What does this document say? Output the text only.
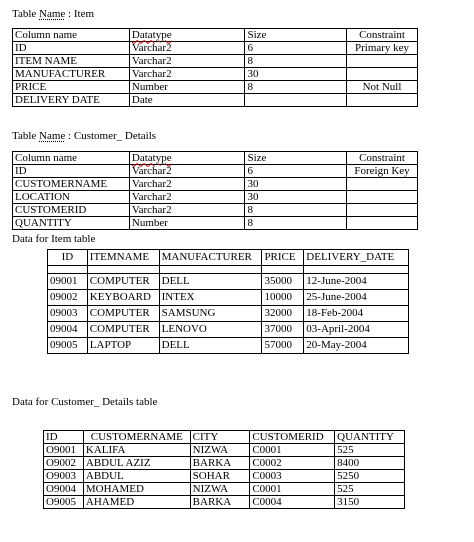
Table Name : Item
Column name	Datatype	Size	Constraint
ID	Varchar2	6	Primary key
ITEM NAME	Varchar2	8	
MANUFACTURER	Varchar2	30	
PRICE	Number	8	Not Null
DELIVERY DATE	Date		
Table Name : Customer_ Details
Column name	Datatype	Size	Constraint
ID	Varchar2	6	Foreign Key
CUSTOMERNAME	Varchar2	30	
LOCATION	Varchar2	30	
CUSTOMERID	Varchar2	8	
QUANTITY	Number	8	
Data for Item table
ID	ITEMNAME	MANUFACTURER	PRICE	DELIVERY_DATE

09001	COMPUTER	DELL	35000	12-June-2004
09002	KEYBOARD	INTEX	10000	25-June-2004
09003	COMPUTER	SAMSUNG	32000	18-Feb-2004
09004	COMPUTER	LENOVO	37000	03-April-2004
09005	LAPTOP	DELL	57000	20-May-2004
Data for Customer_ Details table
ID	CUSTOMERNAME	CITY	CUSTOMERID	QUANTITY
O9001	KALIFA	NIZWA	C0001	525
O9002	ABDUL AZIZ	BARKA	C0002	8400
O9003	ABDUL	SOHAR	C0003	5250
O9004	MOHAMED	NIZWA	C0001	525
O9005	AHAMED	BARKA	C0004	3150
